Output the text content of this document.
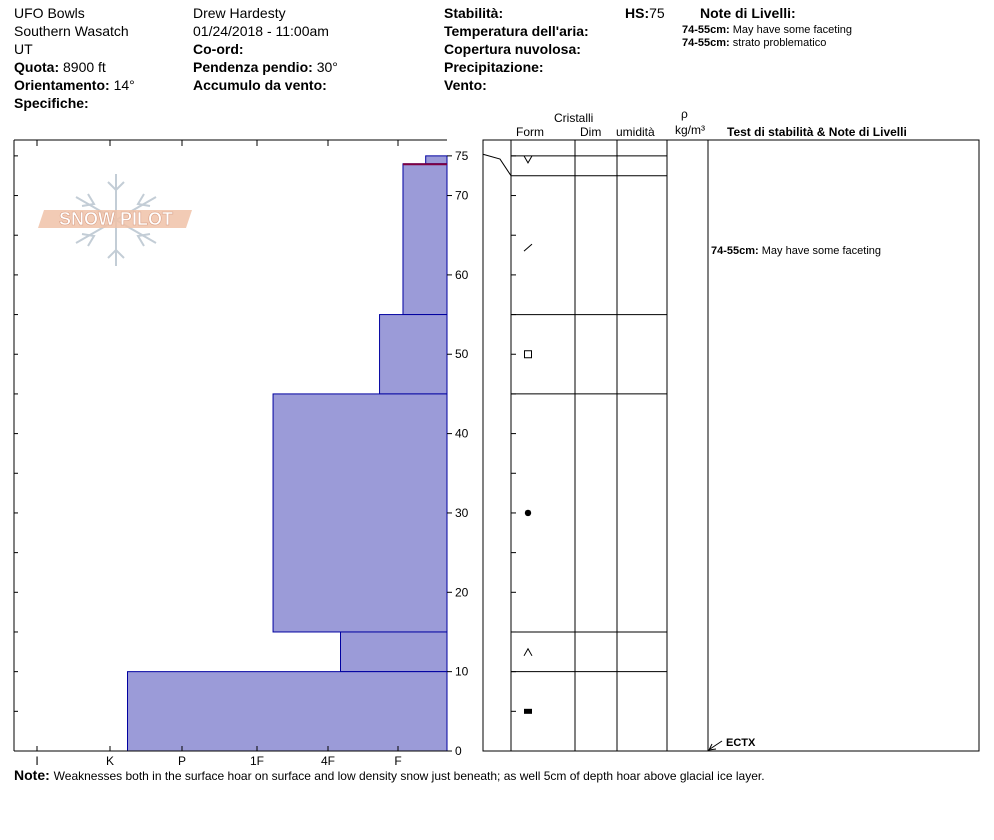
UFO Bowls
Southern Wasatch
UT
Quota: 8900 ft
Orientamento: 14°
Specifiche:
Drew Hardesty
01/24/2018 - 11:00am
Co-ord:
Pendenza pendio: 30°
Accumulo da vento:
Stabilità:
Temperatura dell'aria:
Copertura nuvolosa:
Precipitazione:
Vento:
HS:75	Note di Livelli:
74-55cm: May have some faceting
74-55cm: strato problematico
Cristalli
Form	Dim umidità
ρ
kg/m³ Test di stabilità & Note di Livelli
74-55cm: May have some faceting
ECTX
Note: Weaknesses both in the surface hoar on surface and low density snow just beneath; as well 5cm of depth hoar above glacial ice layer.
SNOW PILOT
I	K	P	1F	4F	F
0
10
20
30
40
50
60
70
75
